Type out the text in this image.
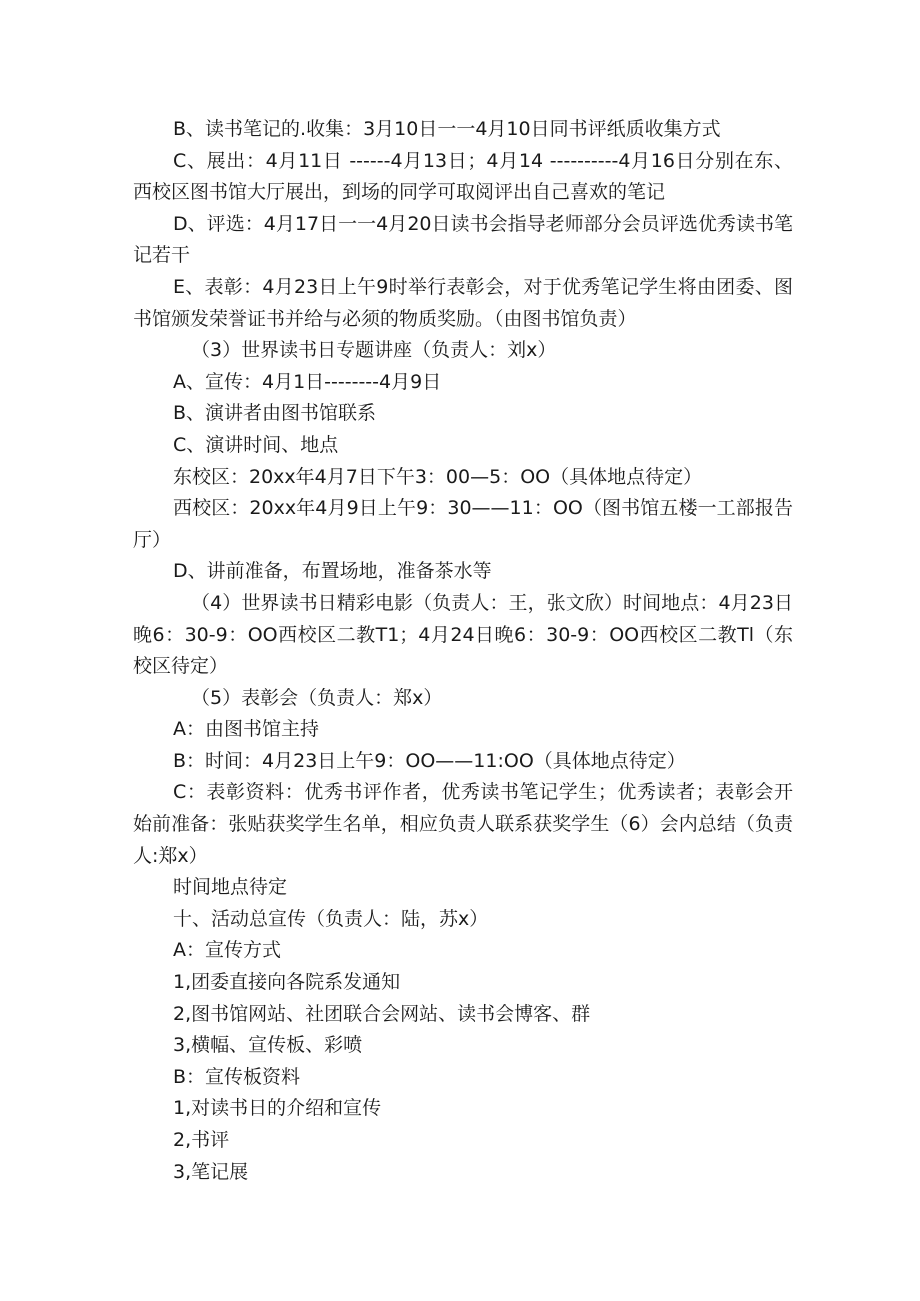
B、读书笔记的.收集：3月10日一一4月10日同书评纸质收集方式

C、展出：4月11日 ------4月13日；4月14 ----------4月16日分别在东、西校区图书馆大厅展出，到场的同学可取阅评出自己喜欢的笔记

D、评选：4月17日一一4月20日读书会指导老师部分会员评选优秀读书笔记若干

E、表彰：4月23日上午9时举行表彰会，对于优秀笔记学生将由团委、图书馆颁发荣誉证书并给与必须的物质奖励。（由图书馆负责）

（3）世界读书日专题讲座（负责人：刘x）

A、宣传：4月1日--------4月9日

B、演讲者由图书馆联系

C、演讲时间、地点

东校区：20xx年4月7日下午3：00—5：OO（具体地点待定）

西校区：20xx年4月9日上午9：30——11：OO（图书馆五楼一工部报告厅）

D、讲前准备，布置场地，准备茶水等

（4）世界读书日精彩电影（负责人：王，张文欣）时间地点：4月23日晚6：30-9：OO西校区二教T1；4月24日晚6：30-9：OO西校区二教Tl（东校区待定）

（5）表彰会（负责人：郑x）

A：由图书馆主持

B：时间：4月23日上午9：OO——11:OO（具体地点待定）

C：表彰资料：优秀书评作者，优秀读书笔记学生；优秀读者；表彰会开始前准备：张贴获奖学生名单，相应负责人联系获奖学生（6）会内总结（负责人:郑x）

时间地点待定

十、活动总宣传（负责人：陆，苏x）

A：宣传方式

1,团委直接向各院系发通知

2,图书馆网站、社团联合会网站、读书会博客、群

3,横幅、宣传板、彩喷

B：宣传板资料

1,对读书日的介绍和宣传

2,书评

3,笔记展
